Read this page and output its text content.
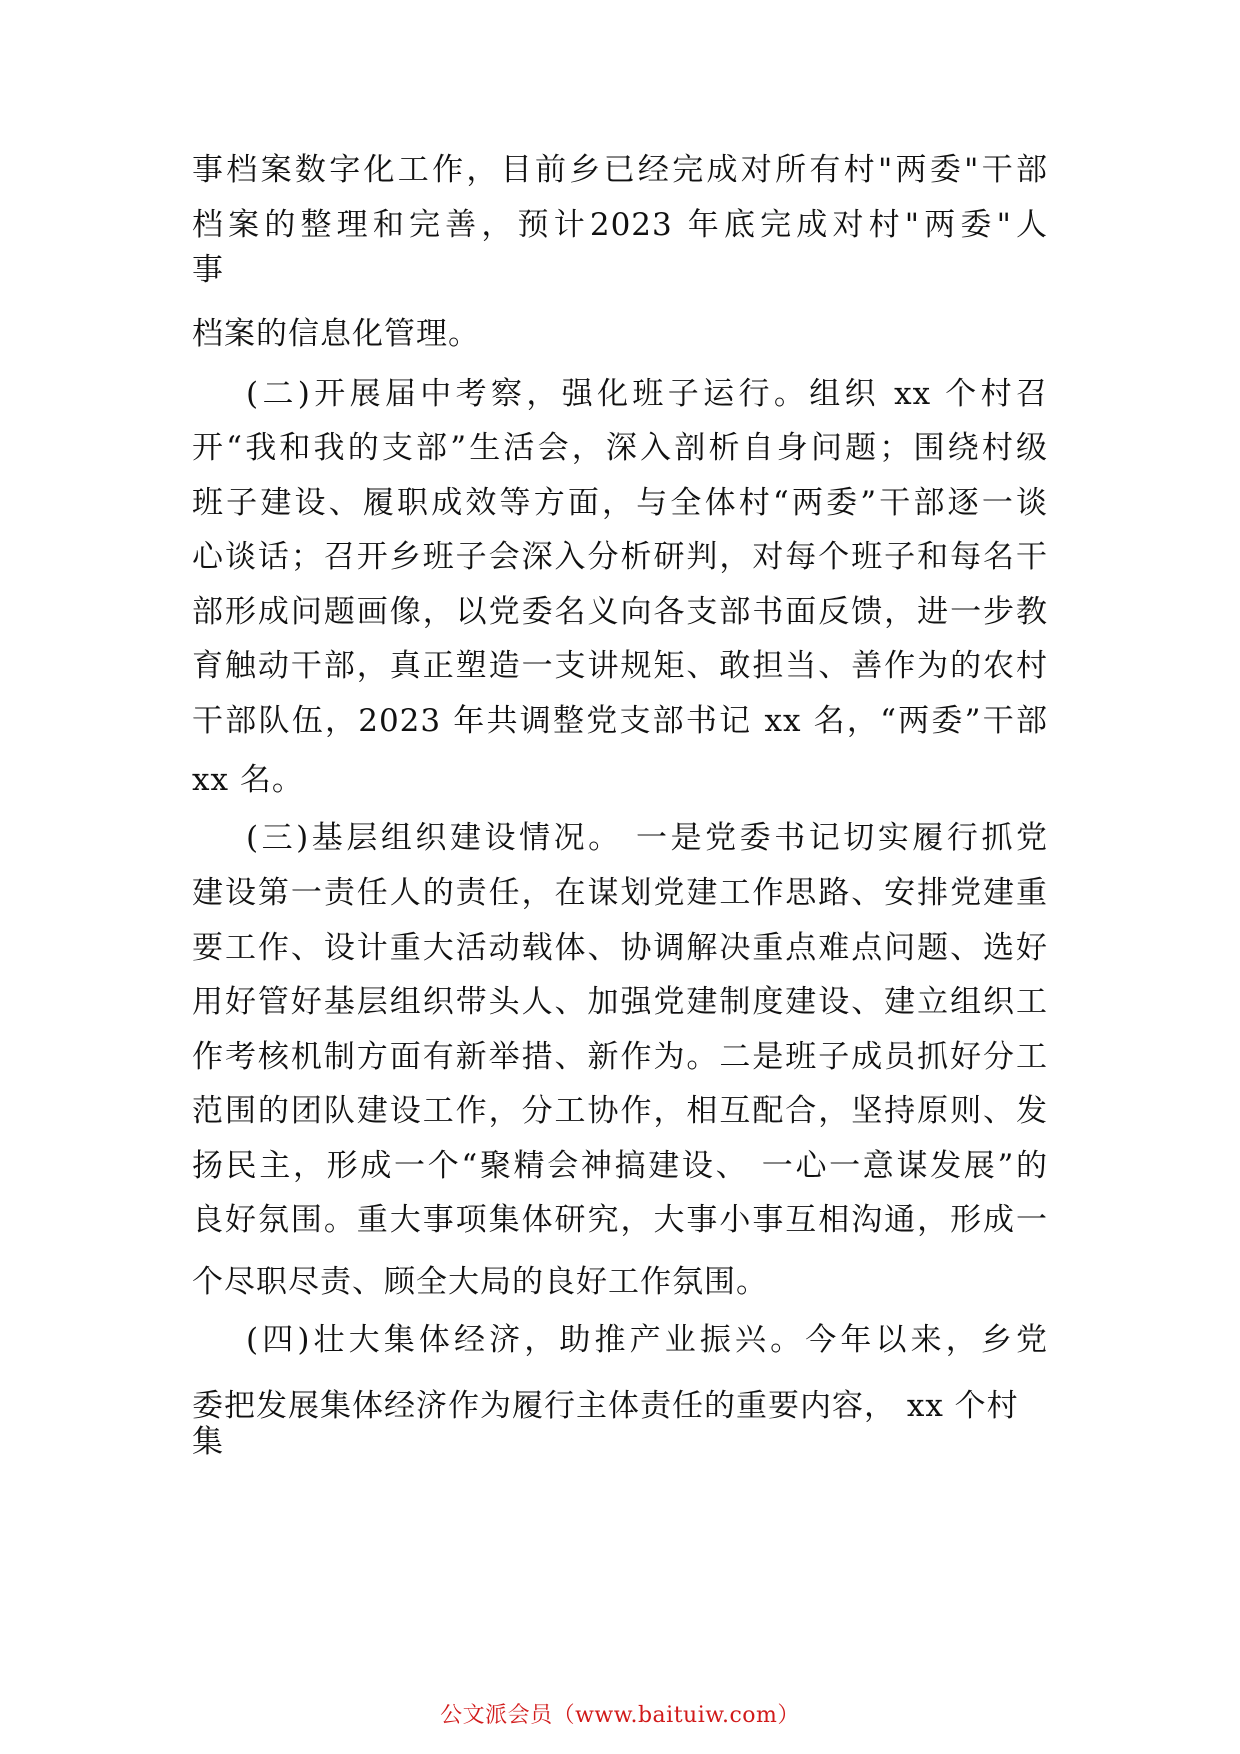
事档案数字化工作，目前乡已经完成对所有村"两委"干部

档案的整理和完善，预计2023 年底完成对村"两委"人

事

档案的信息化管理。

(二)开展届中考察，强化班子运行。组织 xx 个村召

开“我和我的支部”生活会，深入剖析自身问题；围绕村级

班子建设、履职成效等方面，与全体村“两委”干部逐一谈

心谈话；召开乡班子会深入分析研判，对每个班子和每名干

部形成问题画像，以党委名义向各支部书面反馈，进一步教

育触动干部，真正塑造一支讲规矩、敢担当、善作为的农村

干部队伍，2023 年共调整党支部书记 xx 名，“两委”干部

xx 名。

(三)基层组织建设情况。 一是党委书记切实履行抓党

建设第一责任人的责任，在谋划党建工作思路、安排党建重

要工作、设计重大活动载体、协调解决重点难点问题、选好

用好管好基层组织带头人、加强党建制度建设、建立组织工

作考核机制方面有新举措、新作为。二是班子成员抓好分工

范围的团队建设工作，分工协作，相互配合，坚持原则、发

扬民主，形成一个“聚精会神搞建设、 一心一意谋发展”的

良好氛围。重大事项集体研究，大事小事互相沟通，形成一

个尽职尽责、顾全大局的良好工作氛围。

(四)壮大集体经济，助推产业振兴。今年以来，乡党

委把发展集体经济作为履行主体责任的重要内容， xx 个村

集

公文派会员（www.baituiw.com）
